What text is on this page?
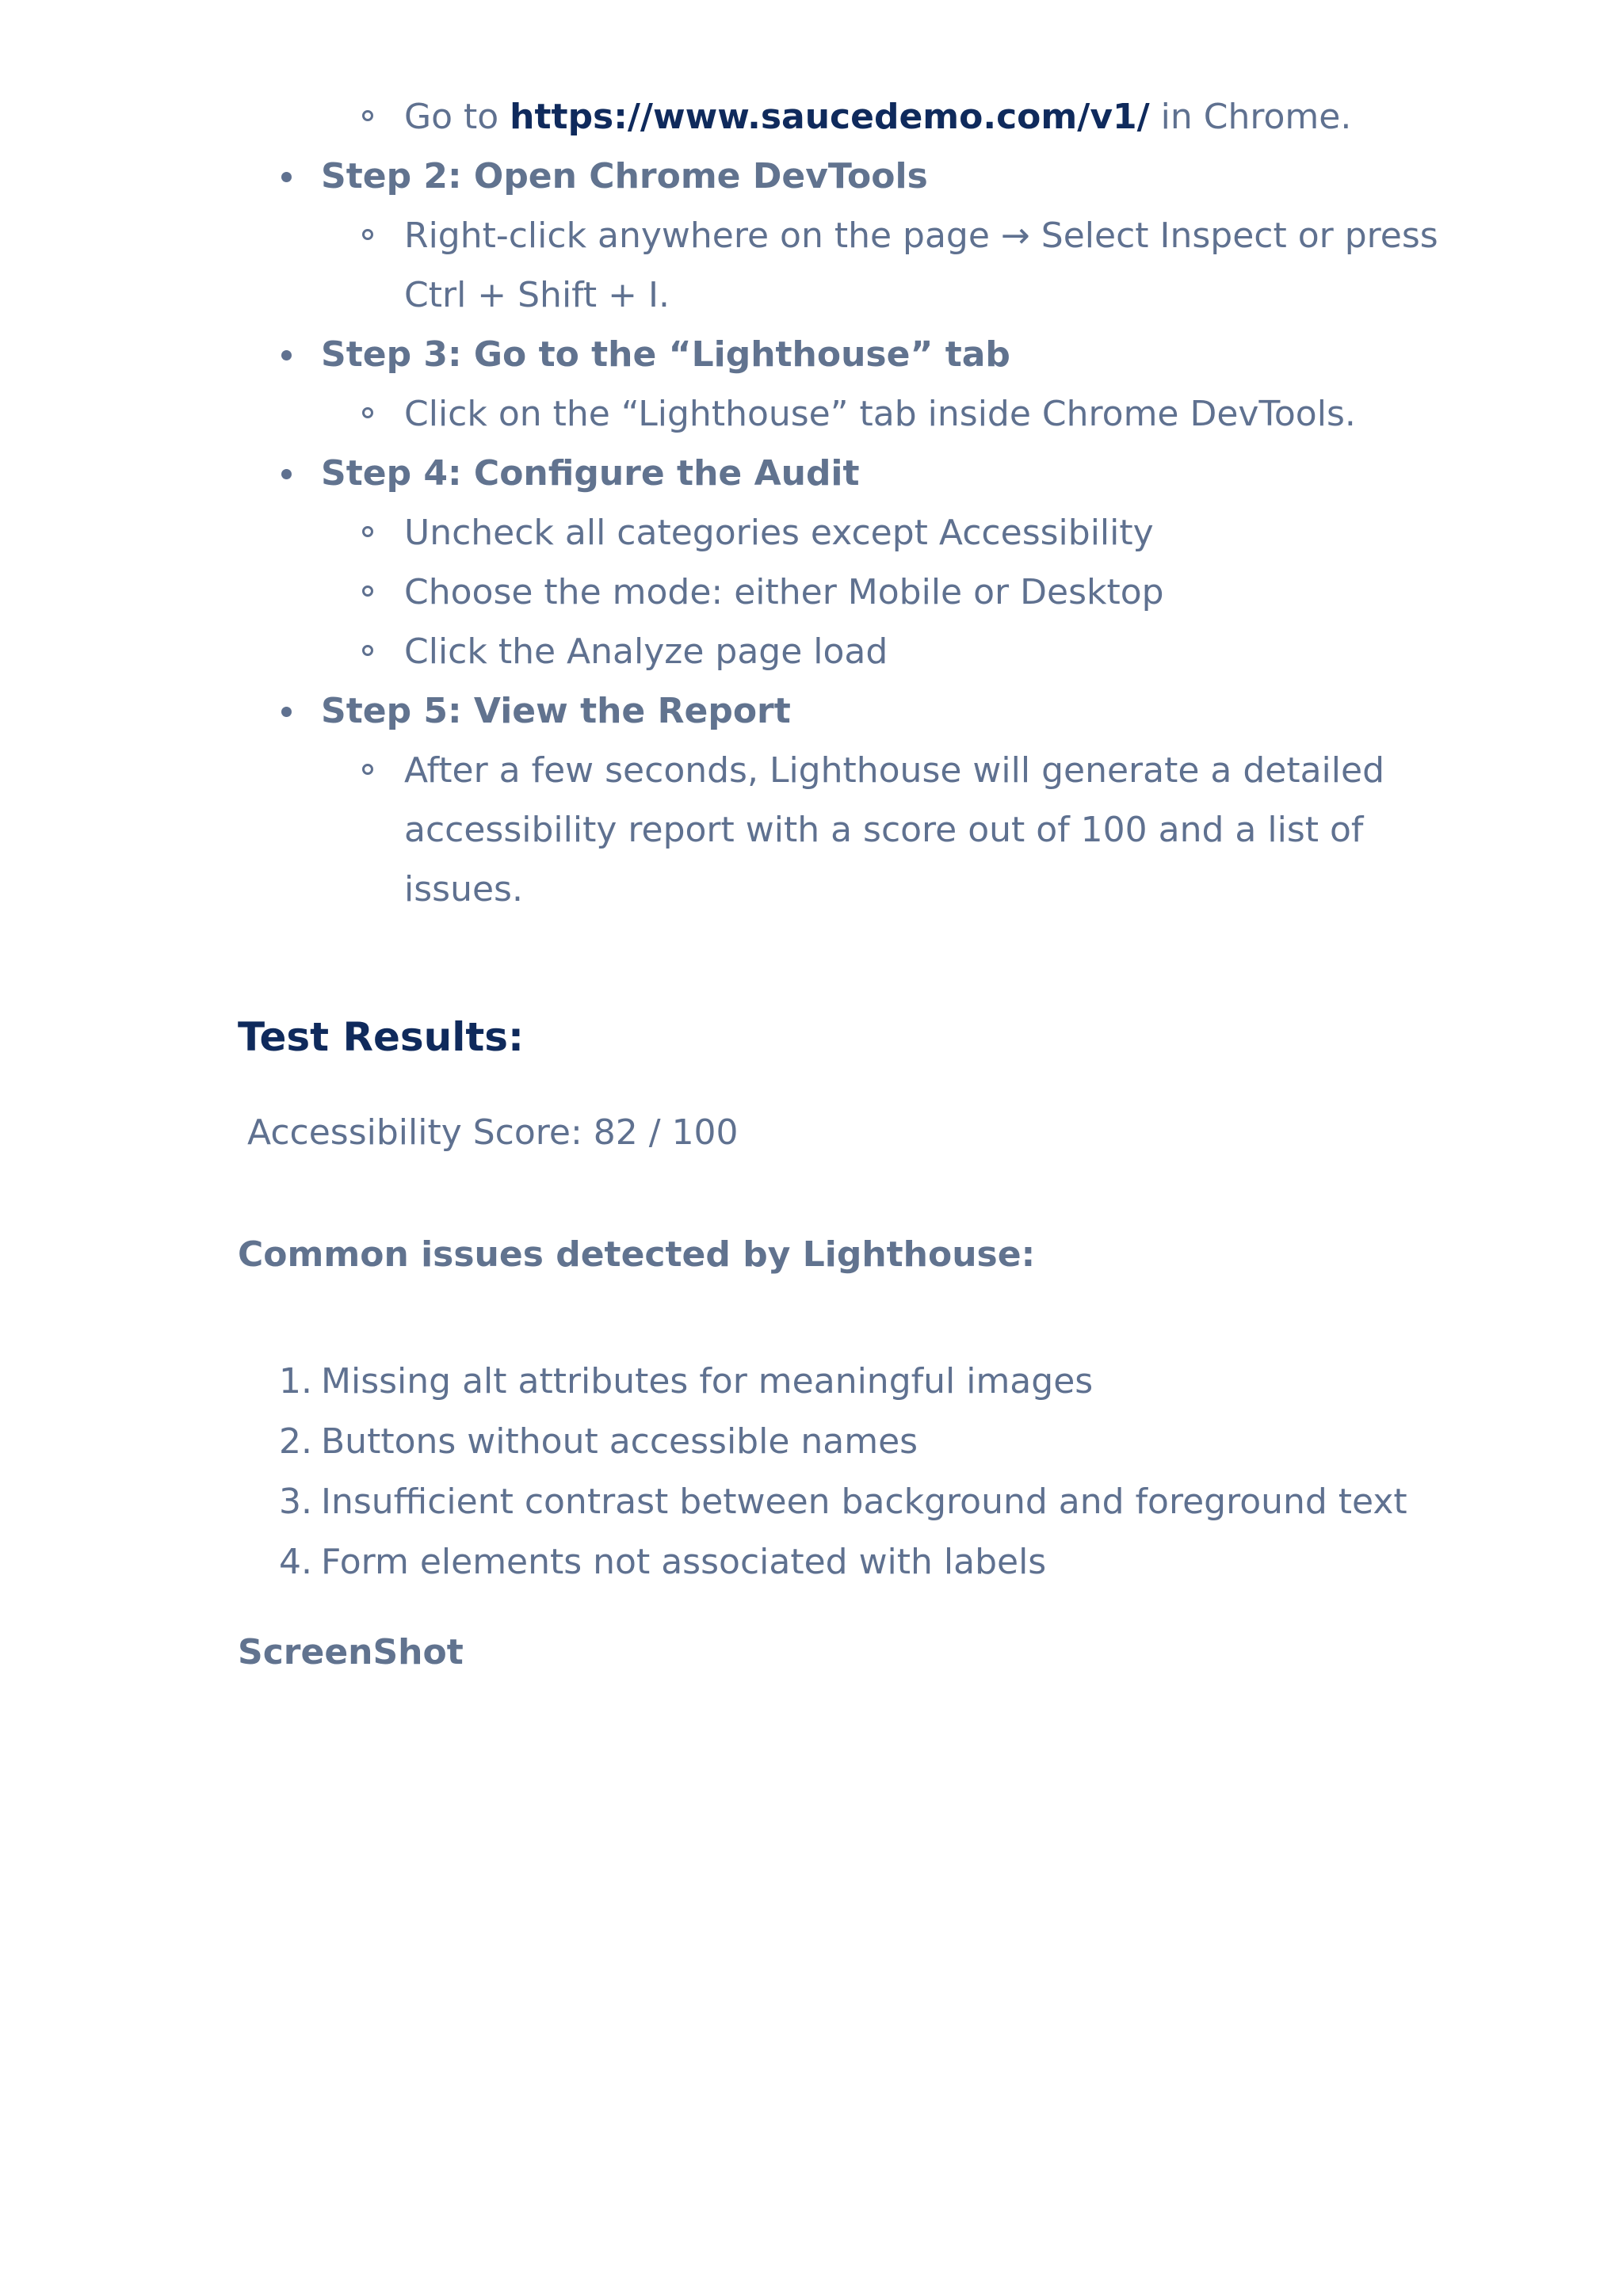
Go to https://www.saucedemo.com/v1/ in Chrome.
Step 2: Open Chrome DevTools
Right-click anywhere on the page → Select Inspect or press
Ctrl + Shift + I.
Step 3: Go to the “Lighthouse” tab
Click on the “Lighthouse” tab inside Chrome DevTools.
Step 4: Configure the Audit
Uncheck all categories except Accessibility
Choose the mode: either Mobile or Desktop
Click the Analyze page load
Step 5: View the Report
After a few seconds, Lighthouse will generate a detailed
accessibility report with a score out of 100 and a list of
issues.
Test Results:
Accessibility Score: 82 / 100
Common issues detected by Lighthouse:
1. Missing alt attributes for meaningful images
2. Buttons without accessible names
3. Insufficient contrast between background and foreground text
4. Form elements not associated with labels
ScreenShot
